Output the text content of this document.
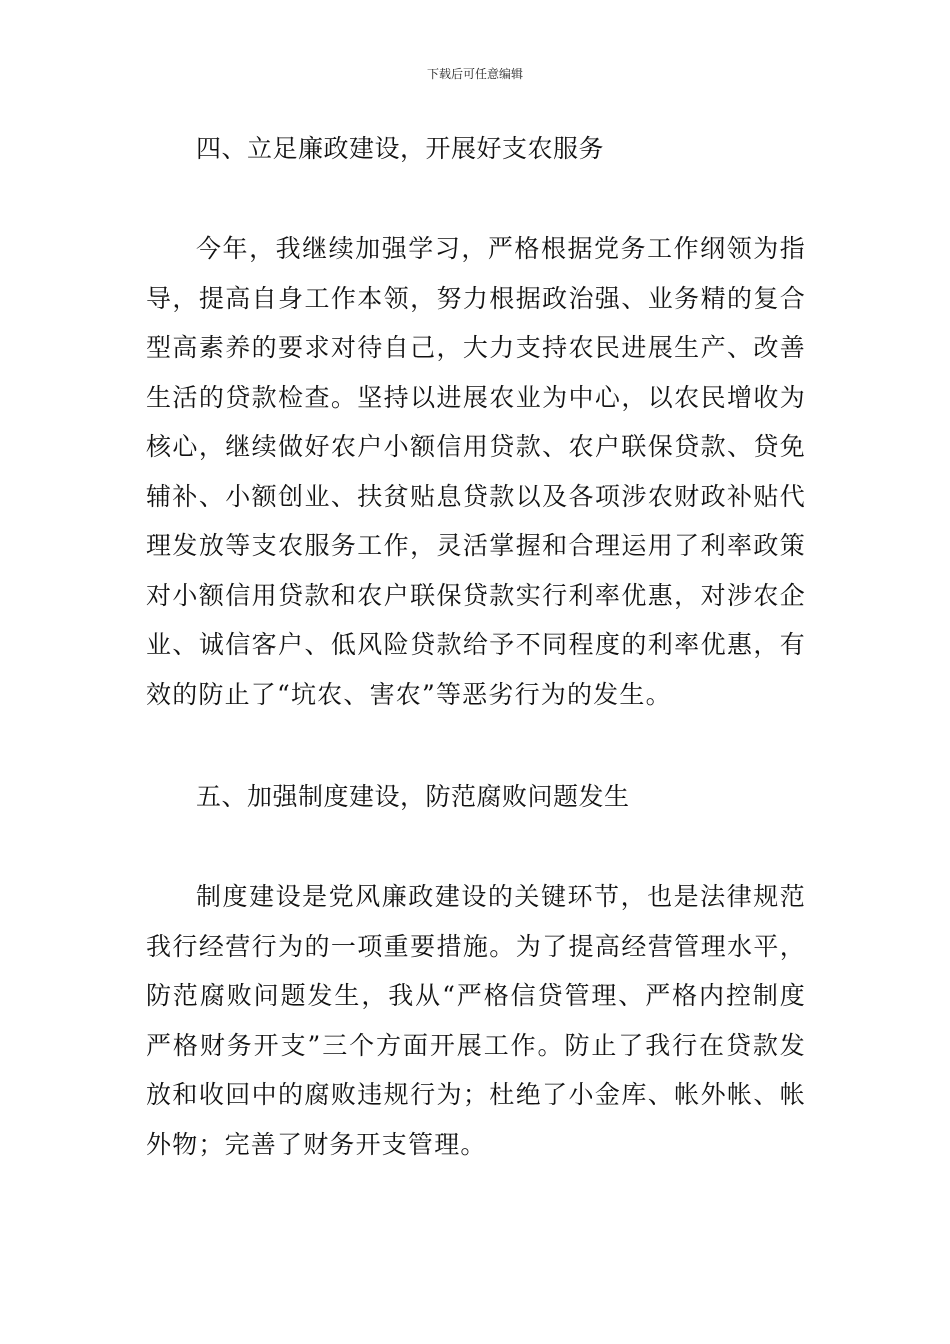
下载后可任意编辑
四、立足廉政建设，开展好支农服务

今年，我继续加强学习，严格根据党务工作纲领为指导，提高自身工作本领，努力根据政治强、业务精的复合型高素养的要求对待自己，大力支持农民进展生产、改善生活的贷款检查。坚持以进展农业为中心，以农民增收为核心，继续做好农户小额信用贷款、农户联保贷款、贷免辅补、小额创业、扶贫贴息贷款以及各项涉农财政补贴代理发放等支农服务工作，灵活掌握和合理运用了利率政策对小额信用贷款和农户联保贷款实行利率优惠，对涉农企业、诚信客户、低风险贷款给予不同程度的利率优惠，有效的防止了“坑农、害农”等恶劣行为的发生。

五、加强制度建设，防范腐败问题发生

制度建设是党风廉政建设的关键环节，也是法律规范我行经营行为的一项重要措施。为了提高经营管理水平，防范腐败问题发生，我从“严格信贷管理、严格内控制度严格财务开支”三个方面开展工作。防止了我行在贷款发放和收回中的腐败违规行为；杜绝了小金库、帐外帐、帐外物；完善了财务开支管理。
